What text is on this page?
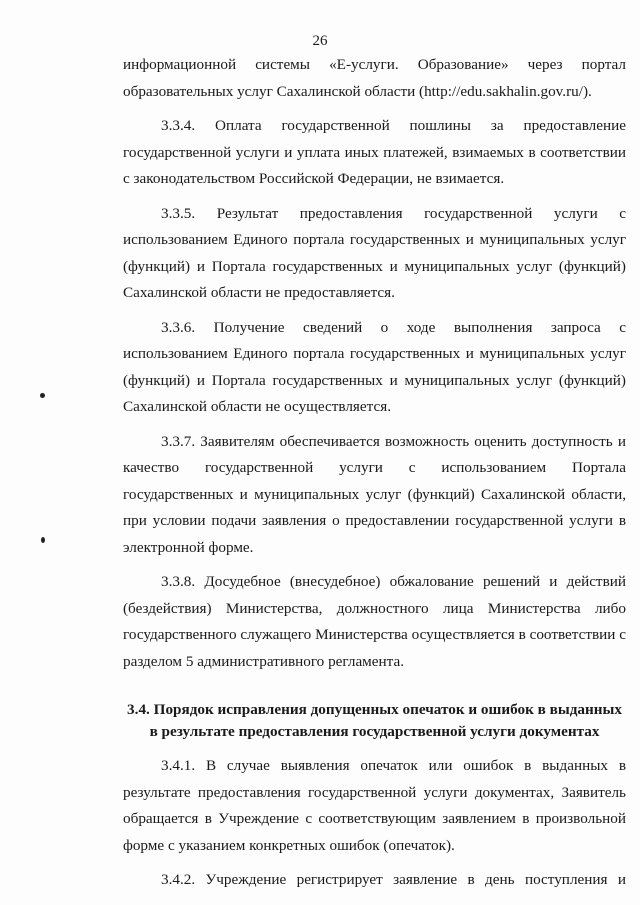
26

информационной системы «Е-услуги. Образование» через портал
образовательных услуг Сахалинской области (http://edu.sakhalin.gov.ru/).

3.3.4. Оплата государственной пошлины за предоставление
государственной услуги и уплата иных платежей, взимаемых в соответствии
с законодательством Российской Федерации, не взимается.

3.3.5. Результат предоставления государственной услуги с
использованием Единого портала государственных и муниципальных услуг
(функций) и Портала государственных и муниципальных услуг (функций)
Сахалинской области не предоставляется.

3.3.6. Получение сведений о ходе выполнения запроса с
использованием Единого портала государственных и муниципальных услуг
(функций) и Портала государственных и муниципальных услуг (функций)
Сахалинской области не осуществляется.

3.3.7. Заявителям обеспечивается возможность оценить доступность и
качество государственной услуги с использованием Портала
государственных и муниципальных услуг (функций) Сахалинской области,
при условии подачи заявления о предоставлении государственной услуги в
электронной форме.

3.3.8. Досудебное (внесудебное) обжалование решений и действий
(бездействия) Министерства, должностного лица Министерства либо
государственного служащего Министерства осуществляется в соответствии с
разделом 5 административного регламента.

3.4. Порядок исправления допущенных опечаток и ошибок в выданных
в результате предоставления государственной услуги документах

3.4.1. В случае выявления опечаток или ошибок в выданных в
результате предоставления государственной услуги документах, Заявитель
обращается в Учреждение с соответствующим заявлением в произвольной
форме с указанием конкретных ошибок (опечаток).

3.4.2. Учреждение регистрирует заявление в день поступления и
